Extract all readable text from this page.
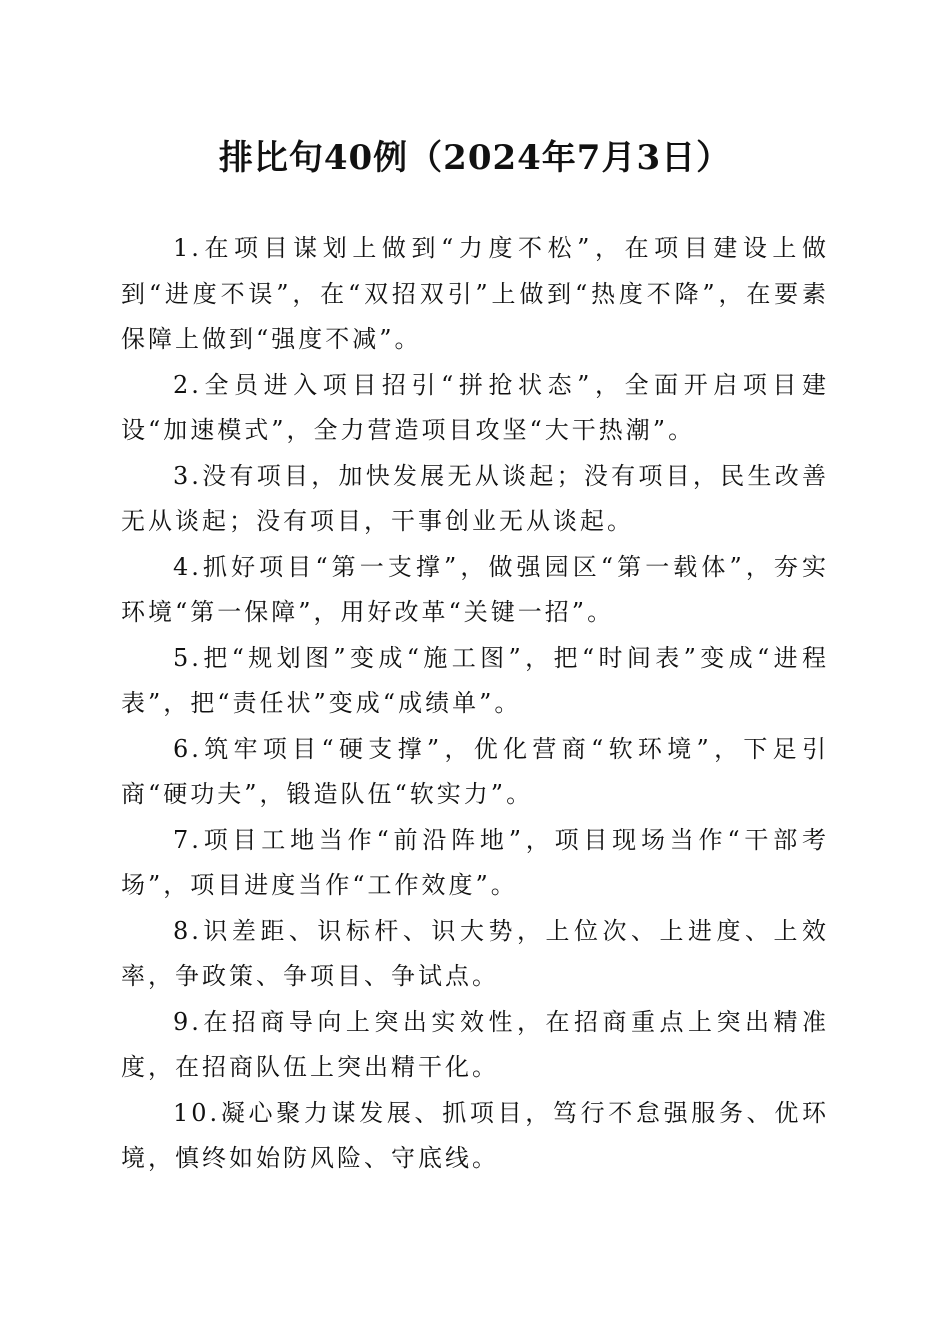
排比句40例（2024年7月3日）

1.在项目谋划上做到“力度不松”，在项目建设上做到“进度不误”，在“双招双引”上做到“热度不降”，在要素保障上做到“强度不减”。

2.全员进入项目招引“拼抢状态”，全面开启项目建设“加速模式”，全力营造项目攻坚“大干热潮”。

3.没有项目，加快发展无从谈起；没有项目，民生改善无从谈起；没有项目，干事创业无从谈起。

4.抓好项目“第一支撑”，做强园区“第一载体”，夯实环境“第一保障”，用好改革“关键一招”。

5.把“规划图”变成“施工图”，把“时间表”变成“进程表”，把“责任状”变成“成绩单”。

6.筑牢项目“硬支撑”，优化营商“软环境”，下足引商“硬功夫”，锻造队伍“软实力”。

7.项目工地当作“前沿阵地”，项目现场当作“干部考场”，项目进度当作“工作效度”。

8.识差距、识标杆、识大势，上位次、上进度、上效率，争政策、争项目、争试点。

9.在招商导向上突出实效性，在招商重点上突出精准度，在招商队伍上突出精干化。

10.凝心聚力谋发展、抓项目，笃行不怠强服务、优环境，慎终如始防风险、守底线。
